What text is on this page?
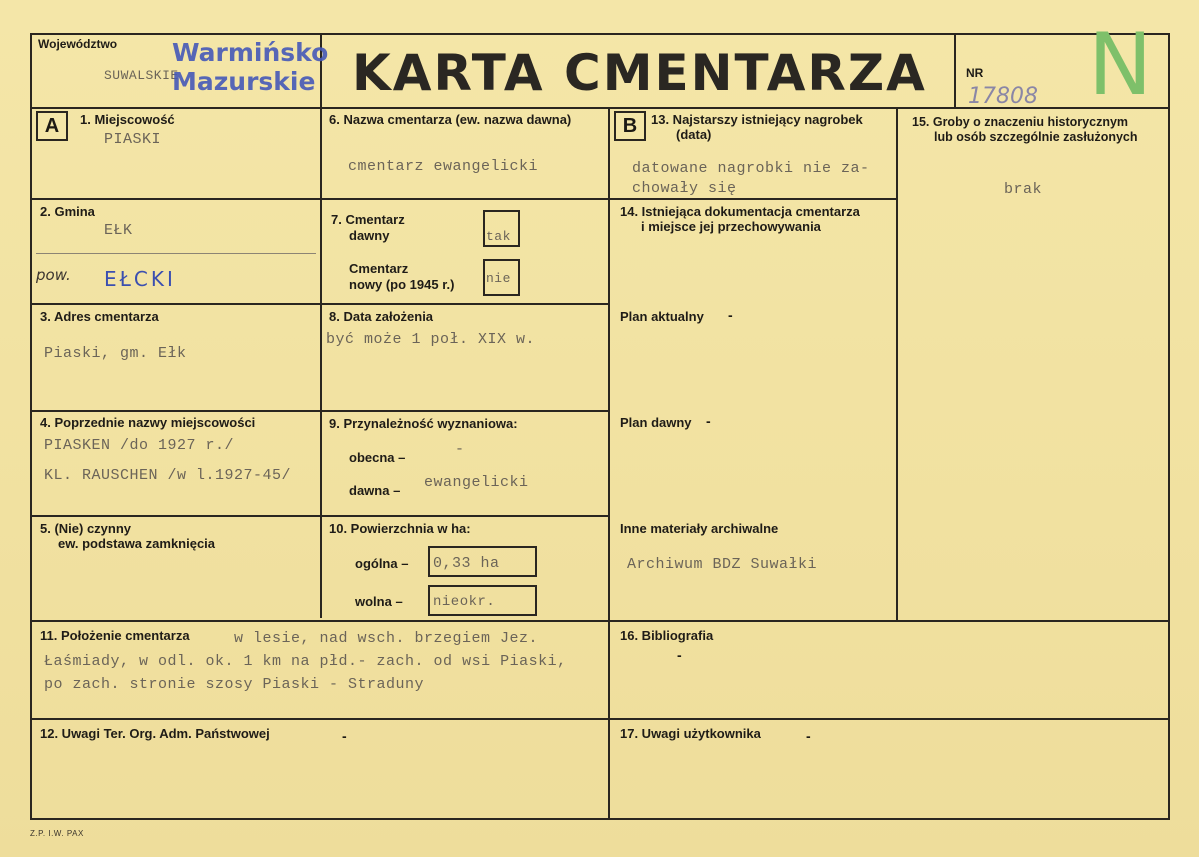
Województwo
SUWALSKIE
Warmińsko
Mazurskie KARTA CMENTARZA	NR
17808 N
A	1. Miejscowość
PIASKI
2. Gmina
EŁK
pow. EŁCKI
3. Adres cmentarza
Piaski, gm. Ełk
4. Poprzednie nazwy miejscowości
PIASKEN /do 1927 r./
KL. RAUSCHEN /w l.1927-45/
5. (Nie) czynny
ew. podstawa zamknięcia
6. Nazwa cmentarza (ew. nazwa dawna)
cmentarz ewangelicki
7. Cmentarz
dawny	tak
Cmentarz
nowy (po 1945 r.) nie
8. Data założenia
być może 1 poł. XIX w.
9. Przynależność wyznaniowa:
obecna –	-
dawna – ewangelicki
10. Powierzchnia w ha:
ogólna – 0,33 ha
wolna – nieokr.
B	13. Najstarszy istniejący nagrobek
(data)
datowane nagrobki nie za-
chowały się
14. Istniejąca dokumentacja cmentarza
i miejsce jej przechowywania
Plan aktualny -
Plan dawny -
Inne materiały archiwalne
Archiwum BDZ Suwałki
15. Groby o znaczeniu historycznym
lub osób szczególnie zasłużonych
brak
11. Położenie cmentarza	w lesie, nad wsch. brzegiem Jez.
Łaśmiady, w odl. ok. 1 km na płd.- zach. od wsi Piaski,
po zach. stronie szosy Piaski - Straduny
16. Bibliografia
-
12. Uwagi Ter. Org. Adm. Państwowej	-	17. Uwagi użytkownika	-
Z.P. I.W. PAX
